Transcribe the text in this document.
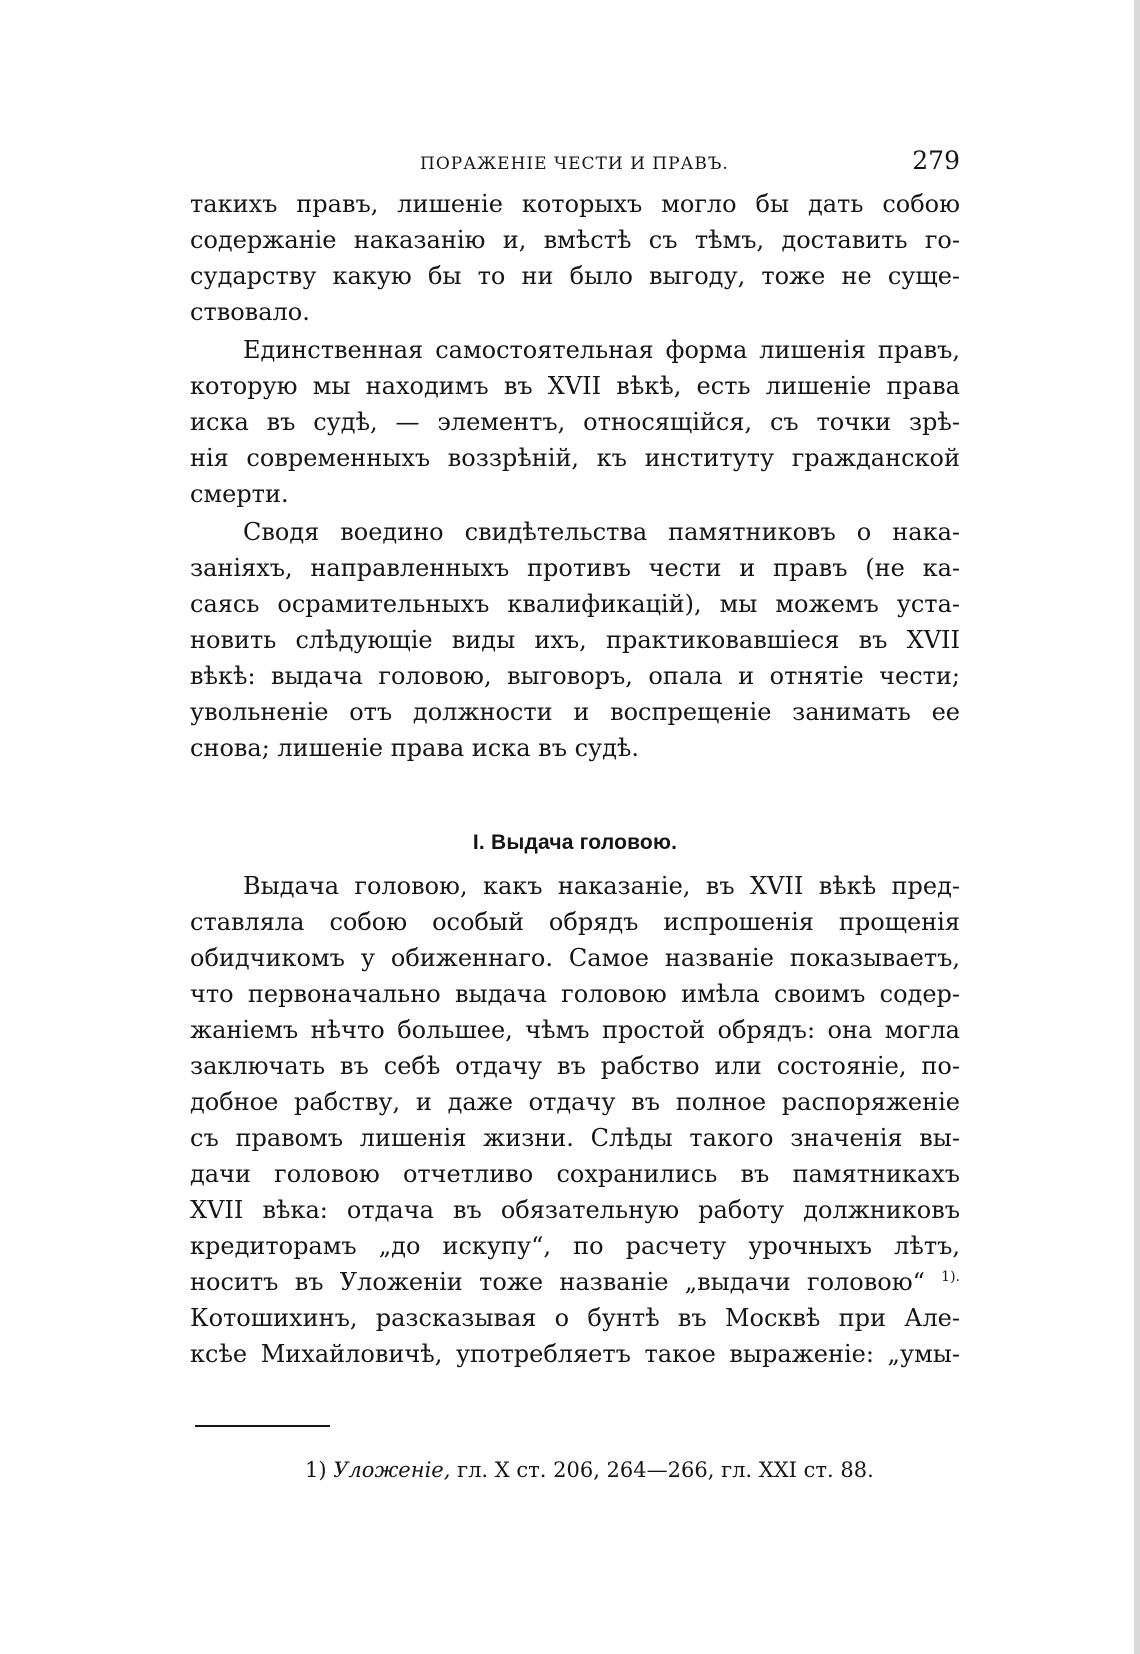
ПОРАЖЕНІЕ ЧЕСТИ И ПРАВЪ.	279
такихъ правъ, лишеніе которыхъ могло бы дать собою
содержаніе наказанію и, вмѣстѣ съ тѣмъ, доставить го-
сударству какую бы то ни было выгоду, тоже не суще-
ствовало.
Единственная самостоятельная форма лишенія правъ,
которую мы находимъ въ XVII вѣкѣ, есть лишеніе права
иска въ судѣ, — элементъ, относящійся, съ точки зрѣ-
нія современныхъ воззрѣній, къ институту гражданской
смерти.
Сводя воедино свидѣтельства памятниковъ о нака-
заніяхъ, направленныхъ противъ чести и правъ (не ка-
саясь осрамительныхъ квалификацій), мы можемъ уста-
новить слѣдующіе виды ихъ, практиковавшіеся въ XVII
вѣкѣ: выдача головою, выговоръ, опала и отнятіе чести;
увольненіе отъ должности и воспрещеніе занимать ее
снова; лишеніе права иска въ судѣ.
I. Выдача головою.
Выдача головою, какъ наказаніе, въ XVII вѣкѣ пред-
ставляла собою особый обрядъ испрошенія прощенія
обидчикомъ у обиженнаго. Самое названіе показываетъ,
что первоначально выдача головою имѣла своимъ содер-
жаніемъ нѣчто большее, чѣмъ простой обрядъ: она могла
заключать въ себѣ отдачу въ рабство или состояніе, по-
добное рабству, и даже отдачу въ полное распоряженіе
съ правомъ лишенія жизни. Слѣды такого значенія вы-
дачи головою отчетливо сохранились въ памятникахъ
XVII вѣка: отдача въ обязательную работу должниковъ
кредиторамъ „до искупу“, по расчету урочныхъ лѣтъ,
носитъ въ Уложеніи тоже названіе „выдачи головою“ $^{1).}$
Котошихинъ, разсказывая о бунтѣ въ Москвѣ при Але-
ксѣе Михайловичѣ, употребляетъ такое выраженіе: „умы-
1) Уложеніе, гл. X ст. 206, 264—266, гл. XXI ст. 88.
